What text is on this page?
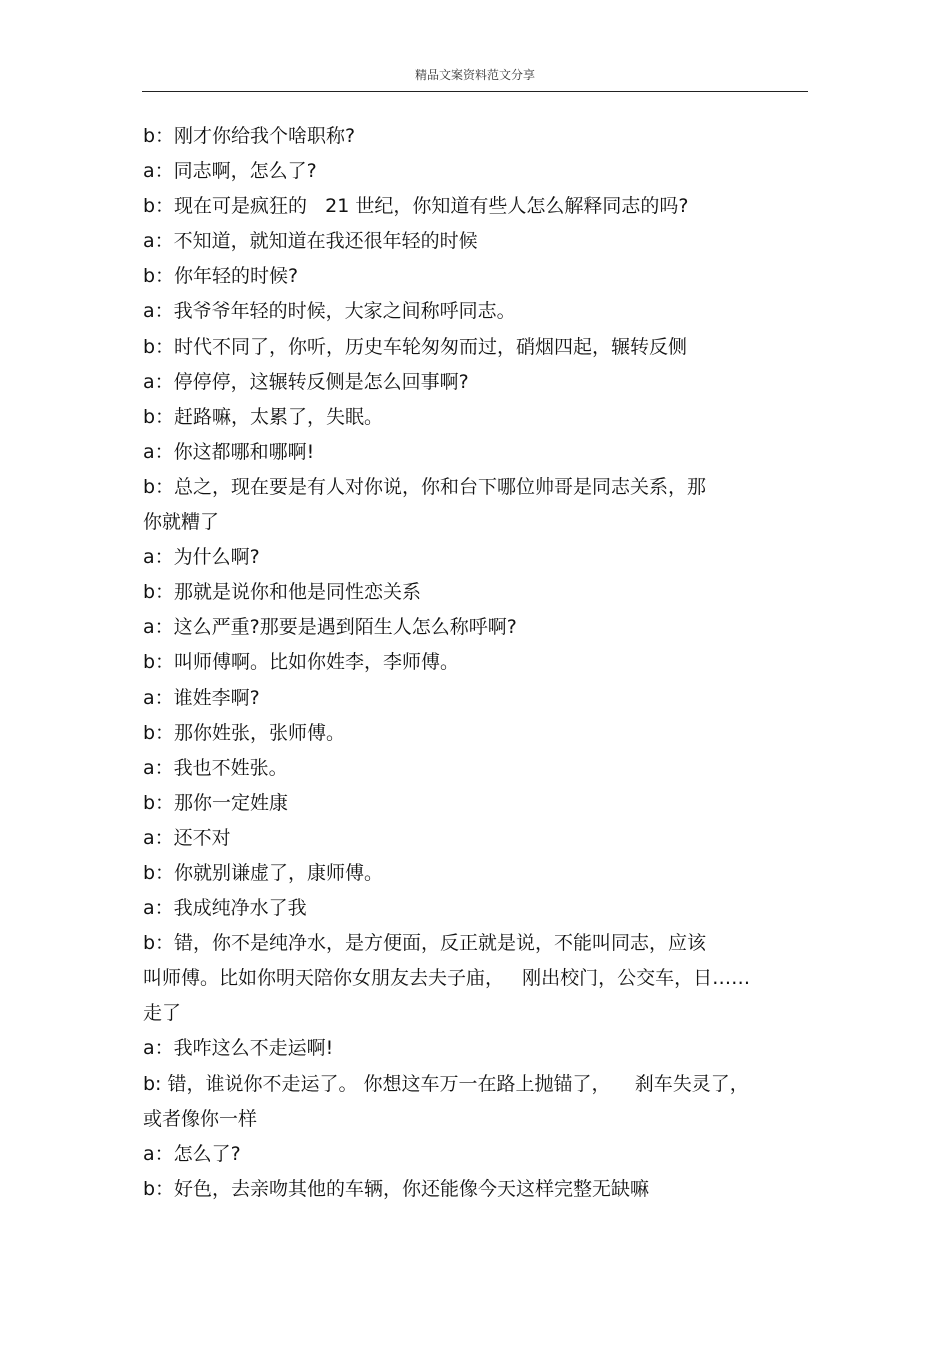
精品文案资料范文分享
b：刚才你给我个啥职称?
a：同志啊，怎么了?
b：现在可是疯狂的   21 世纪，你知道有些人怎么解释同志的吗?
a：不知道，就知道在我还很年轻的时候
b：你年轻的时候?
a：我爷爷年轻的时候，大家之间称呼同志。
b：时代不同了，你听，历史车轮匆匆而过，硝烟四起，辗转反侧
a：停停停，这辗转反侧是怎么回事啊?
b：赶路嘛，太累了，失眠。
a：你这都哪和哪啊!
b：总之，现在要是有人对你说，你和台下哪位帅哥是同志关系，那
你就糟了
a：为什么啊?
b：那就是说你和他是同性恋关系
a：这么严重?那要是遇到陌生人怎么称呼啊?
b：叫师傅啊。比如你姓李，李师傅。
a：谁姓李啊?
b：那你姓张，张师傅。
a：我也不姓张。
b：那你一定姓康
a：还不对
b：你就别谦虚了，康师傅。
a：我成纯净水了我
b：错，你不是纯净水，是方便面，反正就是说，不能叫同志，应该
叫师傅。比如你明天陪你女朋友去夫子庙，   刚出校门，公交车，日……
走了
a：我咋这么不走运啊!
b: 错，谁说你不走运了。 你想这车万一在路上抛锚了，    刹车失灵了，
或者像你一样
a：怎么了?
b：好色，去亲吻其他的车辆，你还能像今天这样完整无缺嘛
